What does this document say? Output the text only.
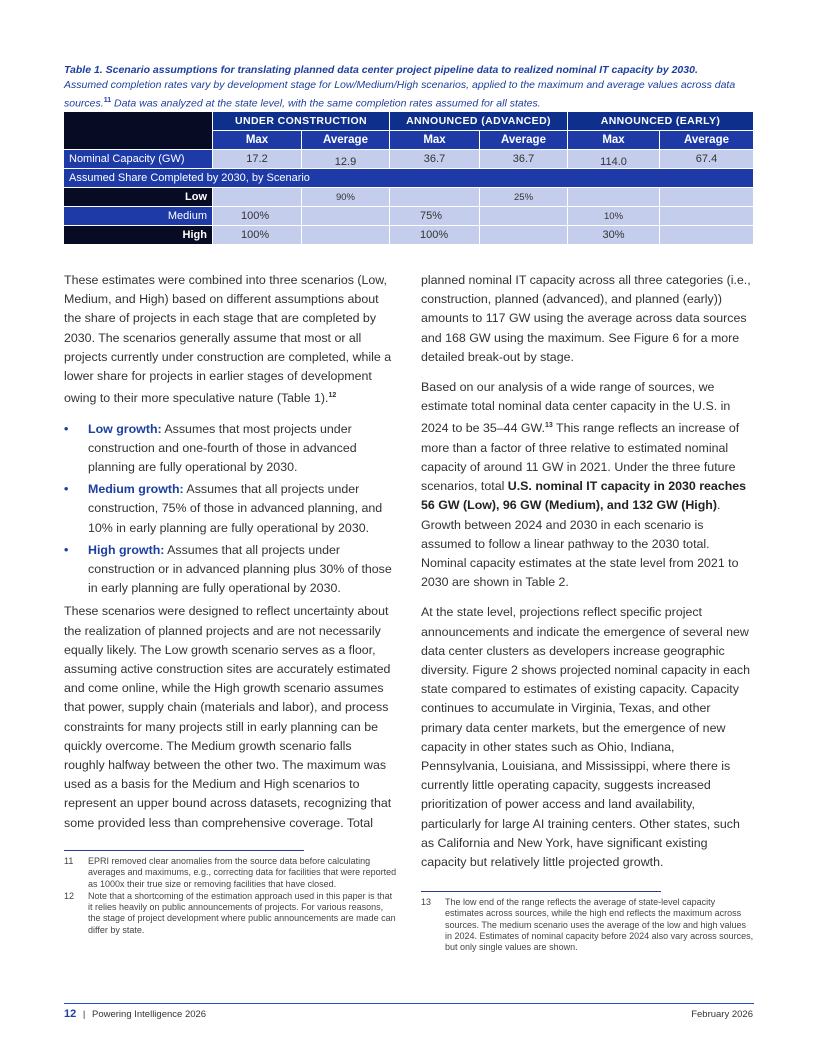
Table 1. Scenario assumptions for translating planned data center project pipeline data to realized nominal IT capacity by 2030.
Assumed completion rates vary by development stage for Low/Medium/High scenarios, applied to the maximum and average values across data sources.$^{11}$ Data was analyzed at the state level, with the same completion rates assumed for all states.
	UNDER CONSTRUCTION		ANNOUNCED (ADVANCED)		ANNOUNCED (EARLY)	
	Max	Average	Max	Average	Max	Average
Nominal Capacity (GW)	17.2	12.9	36.7	36.7	114.0	67.4
Assumed Share Completed by 2030, by Scenario						
Low		90%		25%		
Medium	100%		75%		10%	
High	100%		100%		30%	

These estimates were combined into three scenarios (Low, Medium, and High) based on different assumptions about the share of projects in each stage that are completed by 2030. The scenarios generally assume that most or all projects currently under construction are completed, while a lower share for projects in earlier stages of development owing to their more speculative nature (Table 1).$^{12}$

• Low growth: Assumes that most projects under construction and one-fourth of those in advanced planning are fully operational by 2030.
• Medium growth: Assumes that all projects under construction, 75% of those in advanced planning, and 10% in early planning are fully operational by 2030.
• High growth: Assumes that all projects under construction or in advanced planning plus 30% of those in early planning are fully operational by 2030.

These scenarios were designed to reflect uncertainty about the realization of planned projects and are not necessarily equally likely. The Low growth scenario serves as a floor, assuming active construction sites are accurately estimated and come online, while the High growth scenario assumes that power, supply chain (materials and labor), and process constraints for many projects still in early planning can be quickly overcome. The Medium growth scenario falls roughly halfway between the other two. The maximum was used as a basis for the Medium and High scenarios to represent an upper bound across datasets, recognizing that some provided less than comprehensive coverage. Total

planned nominal IT capacity across all three categories (i.e., construction, planned (advanced), and planned (early)) amounts to 117 GW using the average across data sources and 168 GW using the maximum. See Figure 6 for a more detailed break-out by stage.

Based on our analysis of a wide range of sources, we estimate total nominal data center capacity in the U.S. in 2024 to be 35–44 GW.$^{13}$ This range reflects an increase of more than a factor of three relative to estimated nominal capacity of around 11 GW in 2021. Under the three future scenarios, total U.S. nominal IT capacity in 2030 reaches 56 GW (Low), 96 GW (Medium), and 132 GW (High). Growth between 2024 and 2030 in each scenario is assumed to follow a linear pathway to the 2030 total. Nominal capacity estimates at the state level from 2021 to 2030 are shown in Table 2.

At the state level, projections reflect specific project announcements and indicate the emergence of several new data center clusters as developers increase geographic diversity. Figure 2 shows projected nominal capacity in each state compared to estimates of existing capacity. Capacity continues to accumulate in Virginia, Texas, and other primary data center markets, but the emergence of new capacity in other states such as Ohio, Indiana, Pennsylvania, Louisiana, and Mississippi, where there is currently little operating capacity, suggests increased prioritization of power access and land availability, particularly for large AI training centers. Other states, such as California and New York, have significant existing capacity but relatively little projected growth.

11 EPRI removed clear anomalies from the source data before calculating averages and maximums, e.g., correcting data for facilities that were reported as 1000x their true size or removing facilities that have closed.
12 Note that a shortcoming of the estimation approach used in this paper is that it relies heavily on public announcements of projects. For various reasons, the stage of project development where public announcements are made can differ by state.
13 The low end of the range reflects the average of state-level capacity estimates across sources, while the high end reflects the maximum across sources. The medium scenario uses the average of the low and high values in 2024. Estimates of nominal capacity before 2024 also vary across sources, but only single values are shown.
12 | Powering Intelligence 2026	February 2026
